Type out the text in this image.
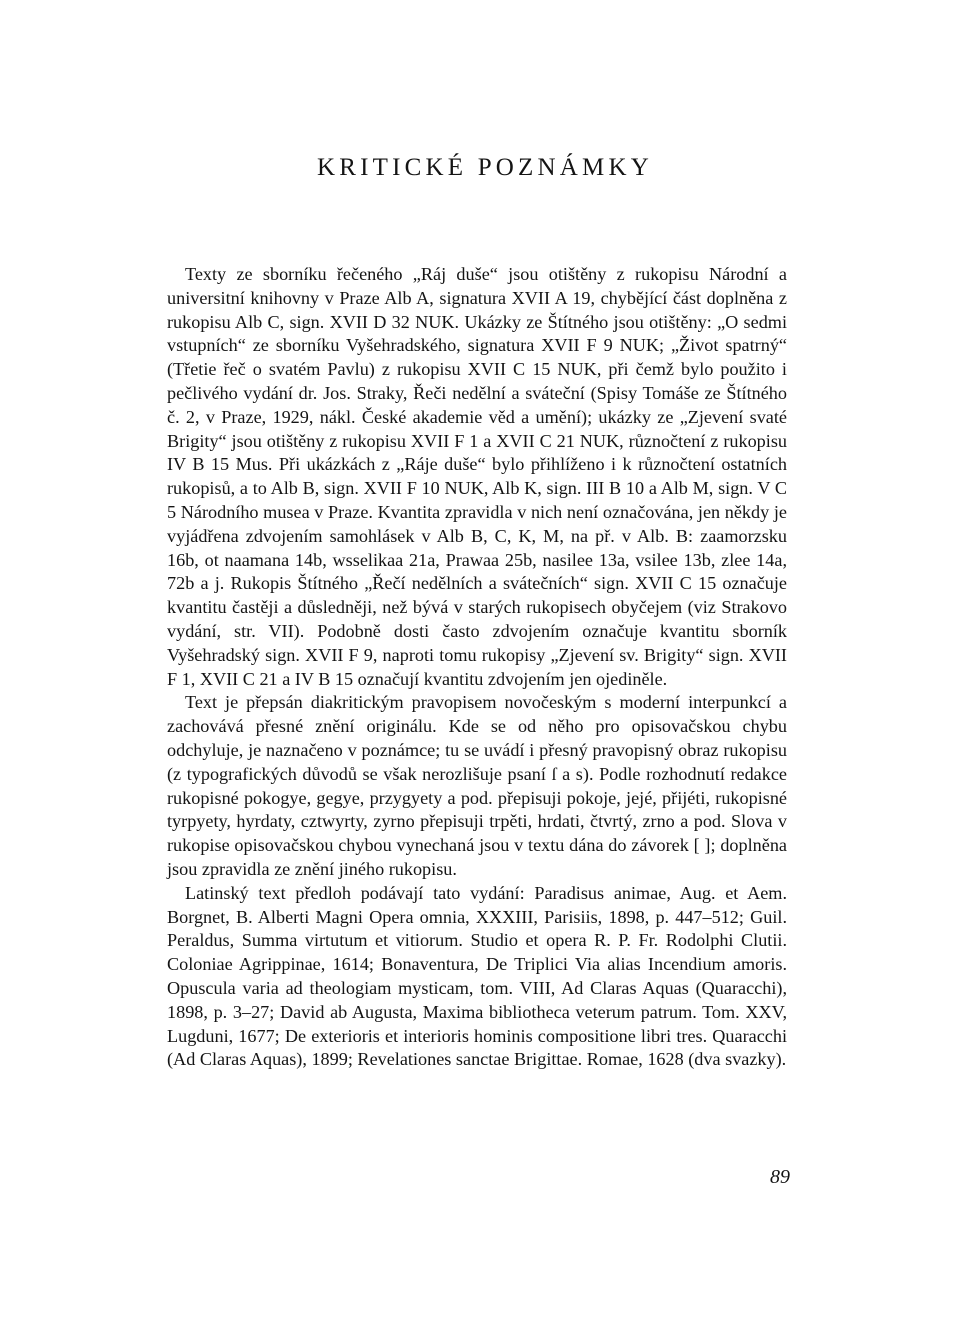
KRITICKÉ POZNÁMKY

Texty ze sborníku řečeného „Ráj duše“ jsou otištěny z rukopisu Národní a universitní knihovny v Praze Alb A, signatura XVII A 19, chybějící část doplněna z rukopisu Alb C, sign. XVII D 32 NUK. Ukázky ze Štítného jsou otištěny: „O sedmi vstupních“ ze sborníku Vyšehradského, signatura XVII F 9 NUK; „Život spatrný“ (Třetie řeč o svatém Pavlu) z rukopisu XVII C 15 NUK, při čemž bylo použito i pečlivého vydání dr. Jos. Straky, Řeči nedělní a sváteční (Spisy Tomáše ze Štítného č. 2, v Praze, 1929, nákl. České akademie věd a umění); ukázky ze „Zjevení svaté Brigity“ jsou otištěny z rukopisu XVII F 1 a XVII C 21 NUK, různočtení z rukopisu IV B 15 Mus. Při ukázkách z „Ráje duše“ bylo přihlíženo i k různočtení ostatních rukopisů, a to Alb B, sign. XVII F 10 NUK, Alb K, sign. III B 10 a Alb M, sign. V C 5 Národního musea v Praze. Kvantita zpravidla v nich není označována, jen někdy je vyjádřena zdvojením samohlásek v Alb B, C, K, M, na př. v Alb. B: zaamorzsku 16b, ot naamana 14b, wsselikaa 21a, Prawaa 25b, nasilee 13a, vsilee 13b, zlee 14a, 72b a j. Rukopis Štítného „Řečí nedělních a svátečních“ sign. XVII C 15 označuje kvantitu častěji a důsledněji, než bývá v starých rukopisech obyčejem (viz Strakovo vydání, str. VII). Podobně dosti často zdvojením označuje kvantitu sborník Vyšehradský sign. XVII F 9, naproti tomu rukopisy „Zjevení sv. Brigity“ sign. XVII F 1, XVII C 21 a IV B 15 označují kvantitu zdvojením jen ojediněle.

Text je přepsán diakritickým pravopisem novočeským s moderní interpunkcí a zachovává přesné znění originálu. Kde se od něho pro opisovačskou chybu odchyluje, je naznačeno v poznámce; tu se uvádí i přesný pravopisný obraz rukopisu (z typografických důvodů se však nerozlišuje psaní ſ a s). Podle rozhodnutí redakce rukopisné pokogye, gegye, przygyety a pod. přepisuji pokoje, jejé, přijéti, rukopisné tyrpyety, hyrdaty, cztwyrty, zyrno přepisuji trpěti, hrdati, čtvrtý, zrno a pod. Slova v rukopise opisovačskou chybou vynechaná jsou v textu dána do závorek [ ]; doplněna jsou zpravidla ze znění jiného rukopisu.

Latinský text předloh podávají tato vydání: Paradisus animae, Aug. et Aem. Borgnet, B. Alberti Magni Opera omnia, XXXIII, Parisiis, 1898, p. 447–512; Guil. Peraldus, Summa virtutum et vitiorum. Studio et opera R. P. Fr. Rodolphi Clutii. Coloniae Agrippinae, 1614; Bonaventura, De Triplici Via alias Incendium amoris. Opuscula varia ad theologiam mysticam, tom. VIII, Ad Claras Aquas (Quaracchi), 1898, p. 3–27; David ab Augusta, Maxima bibliotheca veterum patrum. Tom. XXV, Lugduni, 1677; De exterioris et interioris hominis compositione libri tres. Quaracchi (Ad Claras Aquas), 1899; Revelationes sanctae Brigittae. Romae, 1628 (dva svazky).

89
